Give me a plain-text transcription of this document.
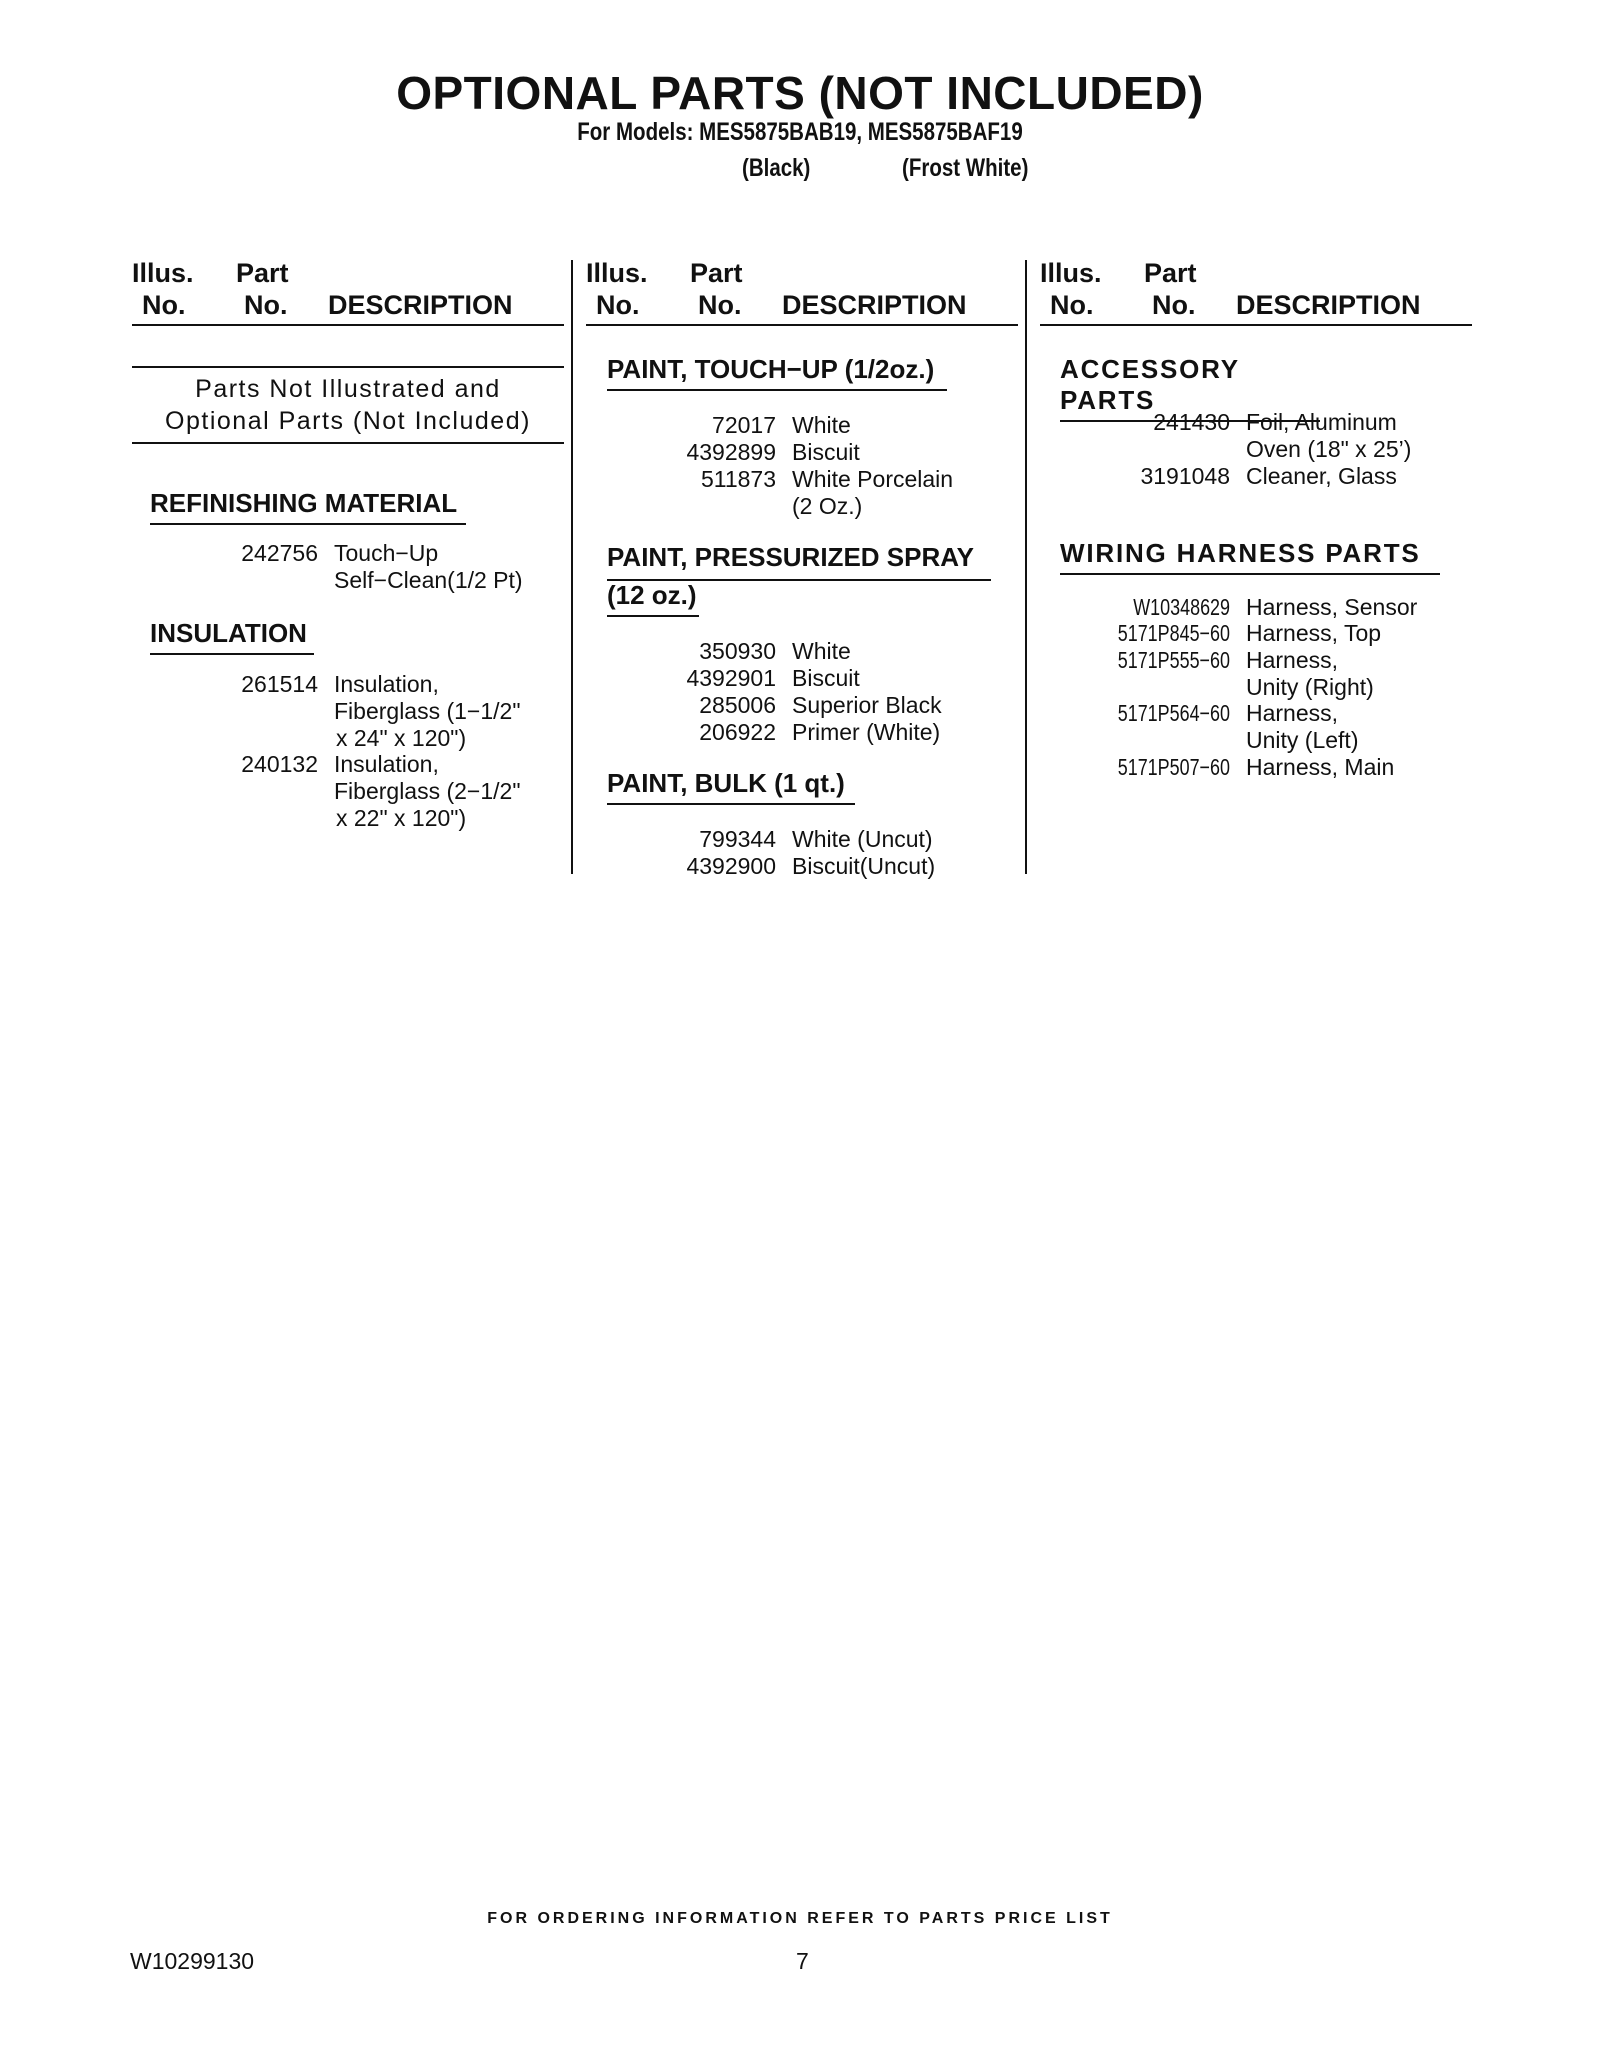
OPTIONAL PARTS (NOT INCLUDED)
For Models: MES5875BAB19, MES5875BAF19
(Black)	(Frost White)
Illus.
No.
Part
No. DESCRIPTION
Illus.
No.
Part
No. DESCRIPTION
Illus.
No.
Part
No. DESCRIPTION
Parts Not Illustrated and
Optional Parts (Not Included)
REFINISHING MATERIAL
242756 Touch−Up
Self−Clean(1/2 Pt)
INSULATION
261514 Insulation,
Fiberglass (1−1/2"
x 24" x 120")
240132 Insulation,
Fiberglass (2−1/2"
x 22" x 120")
PAINT, TOUCH−UP (1/2oz.)
72017 White
4392899 Biscuit
511873 White Porcelain
(2 Oz.)
PAINT, PRESSURIZED SPRAY
(12 oz.)
350930 White
4392901 Biscuit
285006 Superior Black
206922 Primer (White)
PAINT, BULK (1 qt.)
799344 White (Uncut)
4392900 Biscuit(Uncut)
ACCESSORY PARTS
241430 Foil, Aluminum
Oven (18" x 25’)
3191048 Cleaner, Glass
WIRING HARNESS PARTS
W10348629 Harness, Sensor
5171P845−60 Harness, Top
5171P555−60 Harness,
Unity (Right)
5171P564−60 Harness,
Unity (Left)
5171P507−60 Harness, Main
FOR ORDERING INFORMATION REFER TO PARTS PRICE LIST
W10299130	7
